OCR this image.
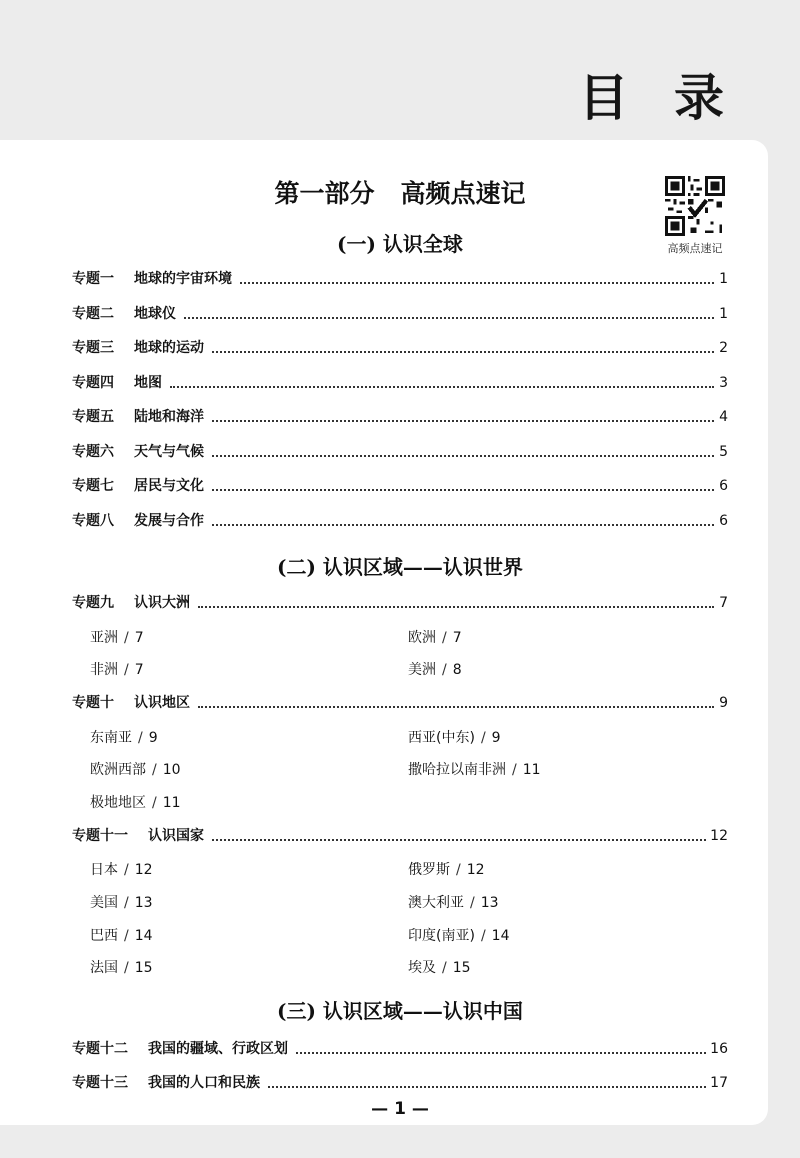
目 录
第一部分 高频点速记
高频点速记
(一) 认识全球
专题一 地球的宇宙环境	1
专题二 地球仪	1
专题三 地球的运动	2
专题四 地图	3
专题五 陆地和海洋	4
专题六 天气与气候	5
专题七 居民与文化	6
专题八 发展与合作	6
(二) 认识区域——认识世界
专题九 认识大洲	7
亚洲 / 7	欧洲 / 7
非洲 / 7	美洲 / 8
专题十 认识地区	9
东南亚 / 9	西亚(中东) / 9
欧洲西部 / 10	撒哈拉以南非洲 / 11
极地地区 / 11
专题十一 认识国家	12
日本 / 12	俄罗斯 / 12
美国 / 13	澳大利亚 / 13
巴西 / 14	印度(南亚) / 14
法国 / 15	埃及 / 15
(三) 认识区域——认识中国
专题十二 我国的疆域、行政区划	16
专题十三 我国的人口和民族	17
— 1 —
